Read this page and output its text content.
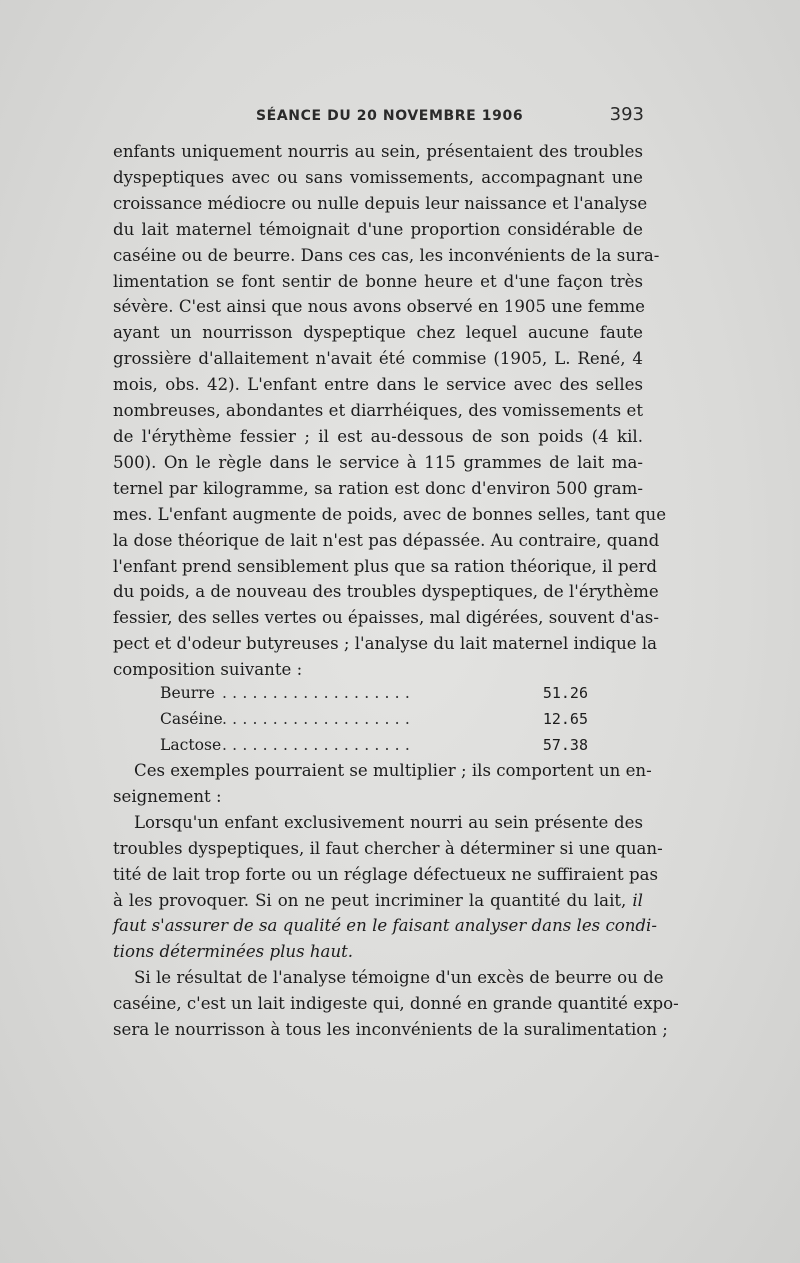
SÉANCE DU 20 NOVEMBRE 1906	393
enfants uniquement nourris au sein, présentaient des troubles
dyspeptiques avec ou sans vomissements, accompagnant une
croissance médiocre ou nulle depuis leur naissance et l'analyse
du lait maternel témoignait d'une proportion considérable de
caséine ou de beurre. Dans ces cas, les inconvénients de la sura-
limentation se font sentir de bonne heure et d'une façon très
sévère. C'est ainsi que nous avons observé en 1905 une femme
ayant un nourrisson dyspeptique chez lequel aucune faute
grossière d'allaitement n'avait été commise (1905, L. René, 4
mois, obs. 42). L'enfant entre dans le service avec des selles
nombreuses, abondantes et diarrhéiques, des vomissements et
de l'érythème fessier ; il est au-dessous de son poids (4 kil.
500). On le règle dans le service à 115 grammes de lait ma-
ternel par kilogramme, sa ration est donc d'environ 500 gram-
mes. L'enfant augmente de poids, avec de bonnes selles, tant que
la dose théorique de lait n'est pas dépassée. Au contraire, quand
l'enfant prend sensiblement plus que sa ration théorique, il perd
du poids, a de nouveau des troubles dyspeptiques, de l'érythème
fessier, des selles vertes ou épaisses, mal digérées, souvent d'as-
pect et d'odeur butyreuses ; l'analyse du lait maternel indique la
composition suivante :
Beurre ...................	51.26
Caséine ...................	12.65
Lactose ...................	57.38
Ces exemples pourraient se multiplier ; ils comportent un en-
seignement :
Lorsqu'un enfant exclusivement nourri au sein présente des
troubles dyspeptiques, il faut chercher à déterminer si une quan-
tité de lait trop forte ou un réglage défectueux ne suffiraient pas
à les provoquer. Si on ne peut incriminer la quantité du lait, il
faut s'assurer de sa qualité en le faisant analyser dans les condi-
tions déterminées plus haut.
Si le résultat de l'analyse témoigne d'un excès de beurre ou de
caséine, c'est un lait indigeste qui, donné en grande quantité expo-
sera le nourrisson à tous les inconvénients de la suralimentation ;
